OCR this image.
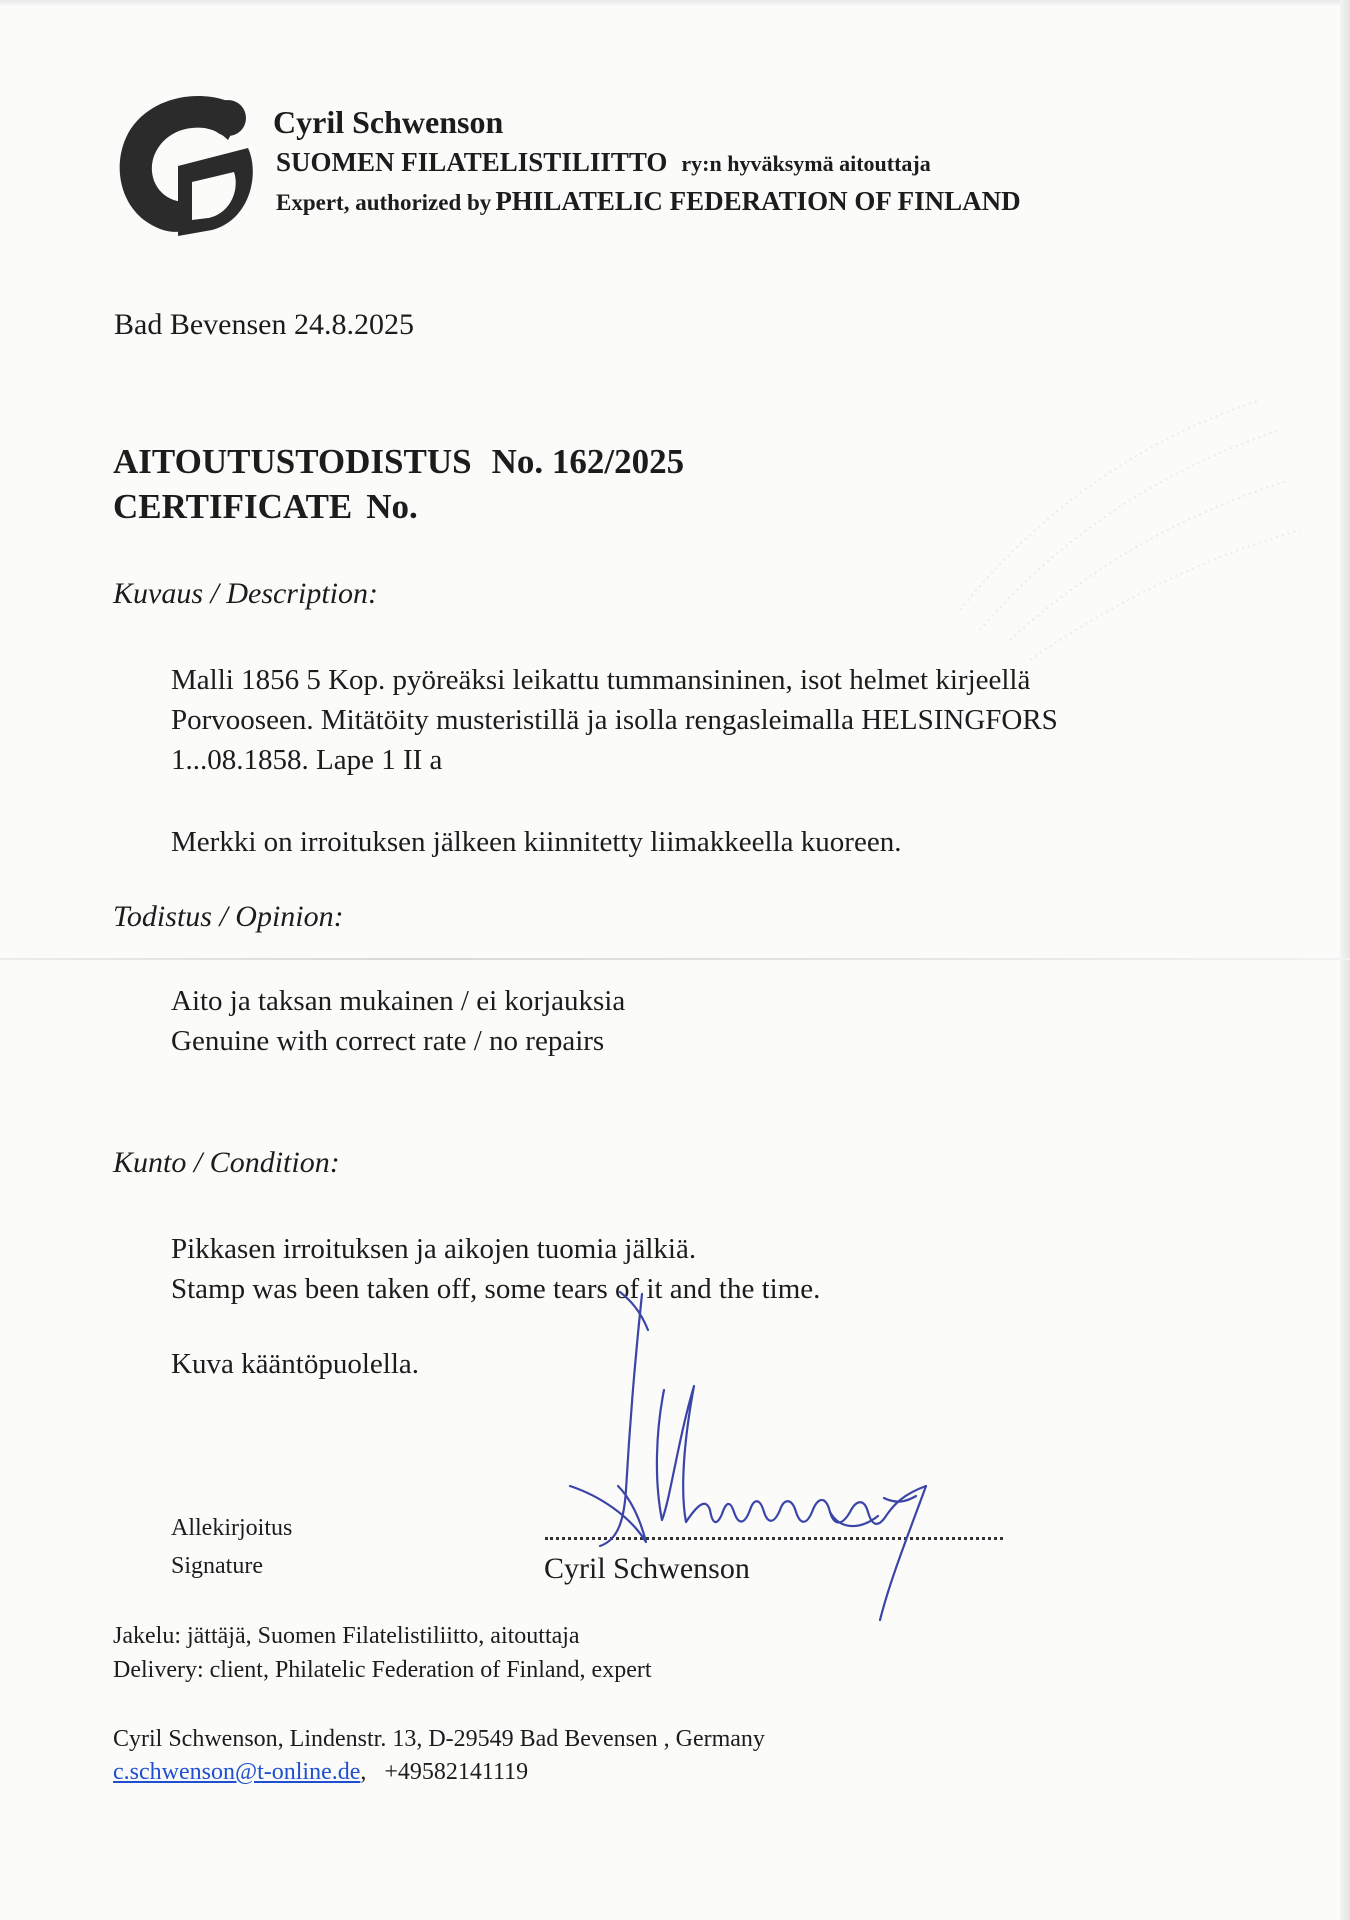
Cyril Schwenson
SUOMEN FILATELISTILIITTO ry:n hyväksymä aitouttaja
Expert, authorized by PHILATELIC FEDERATION OF FINLAND
Bad Bevensen 24.8.2025
AITOUTUSTODISTUS No. 162/2025
CERTIFICATE No.
Kuvaus / Description:
Malli 1856 5 Kop. pyöreäksi leikattu tummansininen, isot helmet kirjeellä
Porvooseen. Mitätöity musteristillä ja isolla rengasleimalla HELSINGFORS
1...08.1858. Lape 1 II a
Merkki on irroituksen jälkeen kiinnitetty liimakkeella kuoreen.
Todistus / Opinion:
Aito ja taksan mukainen / ei korjauksia
Genuine with correct rate / no repairs
Kunto / Condition:
Pikkasen irroituksen ja aikojen tuomia jälkiä.
Stamp was been taken off, some tears of it and the time.
Kuva kääntöpuolella.
Allekirjoitus
Signature	Cyril Schwenson
Jakelu: jättäjä, Suomen Filatelistiliitto, aitouttaja
Delivery: client, Philatelic Federation of Finland, expert
Cyril Schwenson, Lindenstr. 13, D-29549 Bad Bevensen , Germany
c.schwenson@t-online.de, +49582141119
